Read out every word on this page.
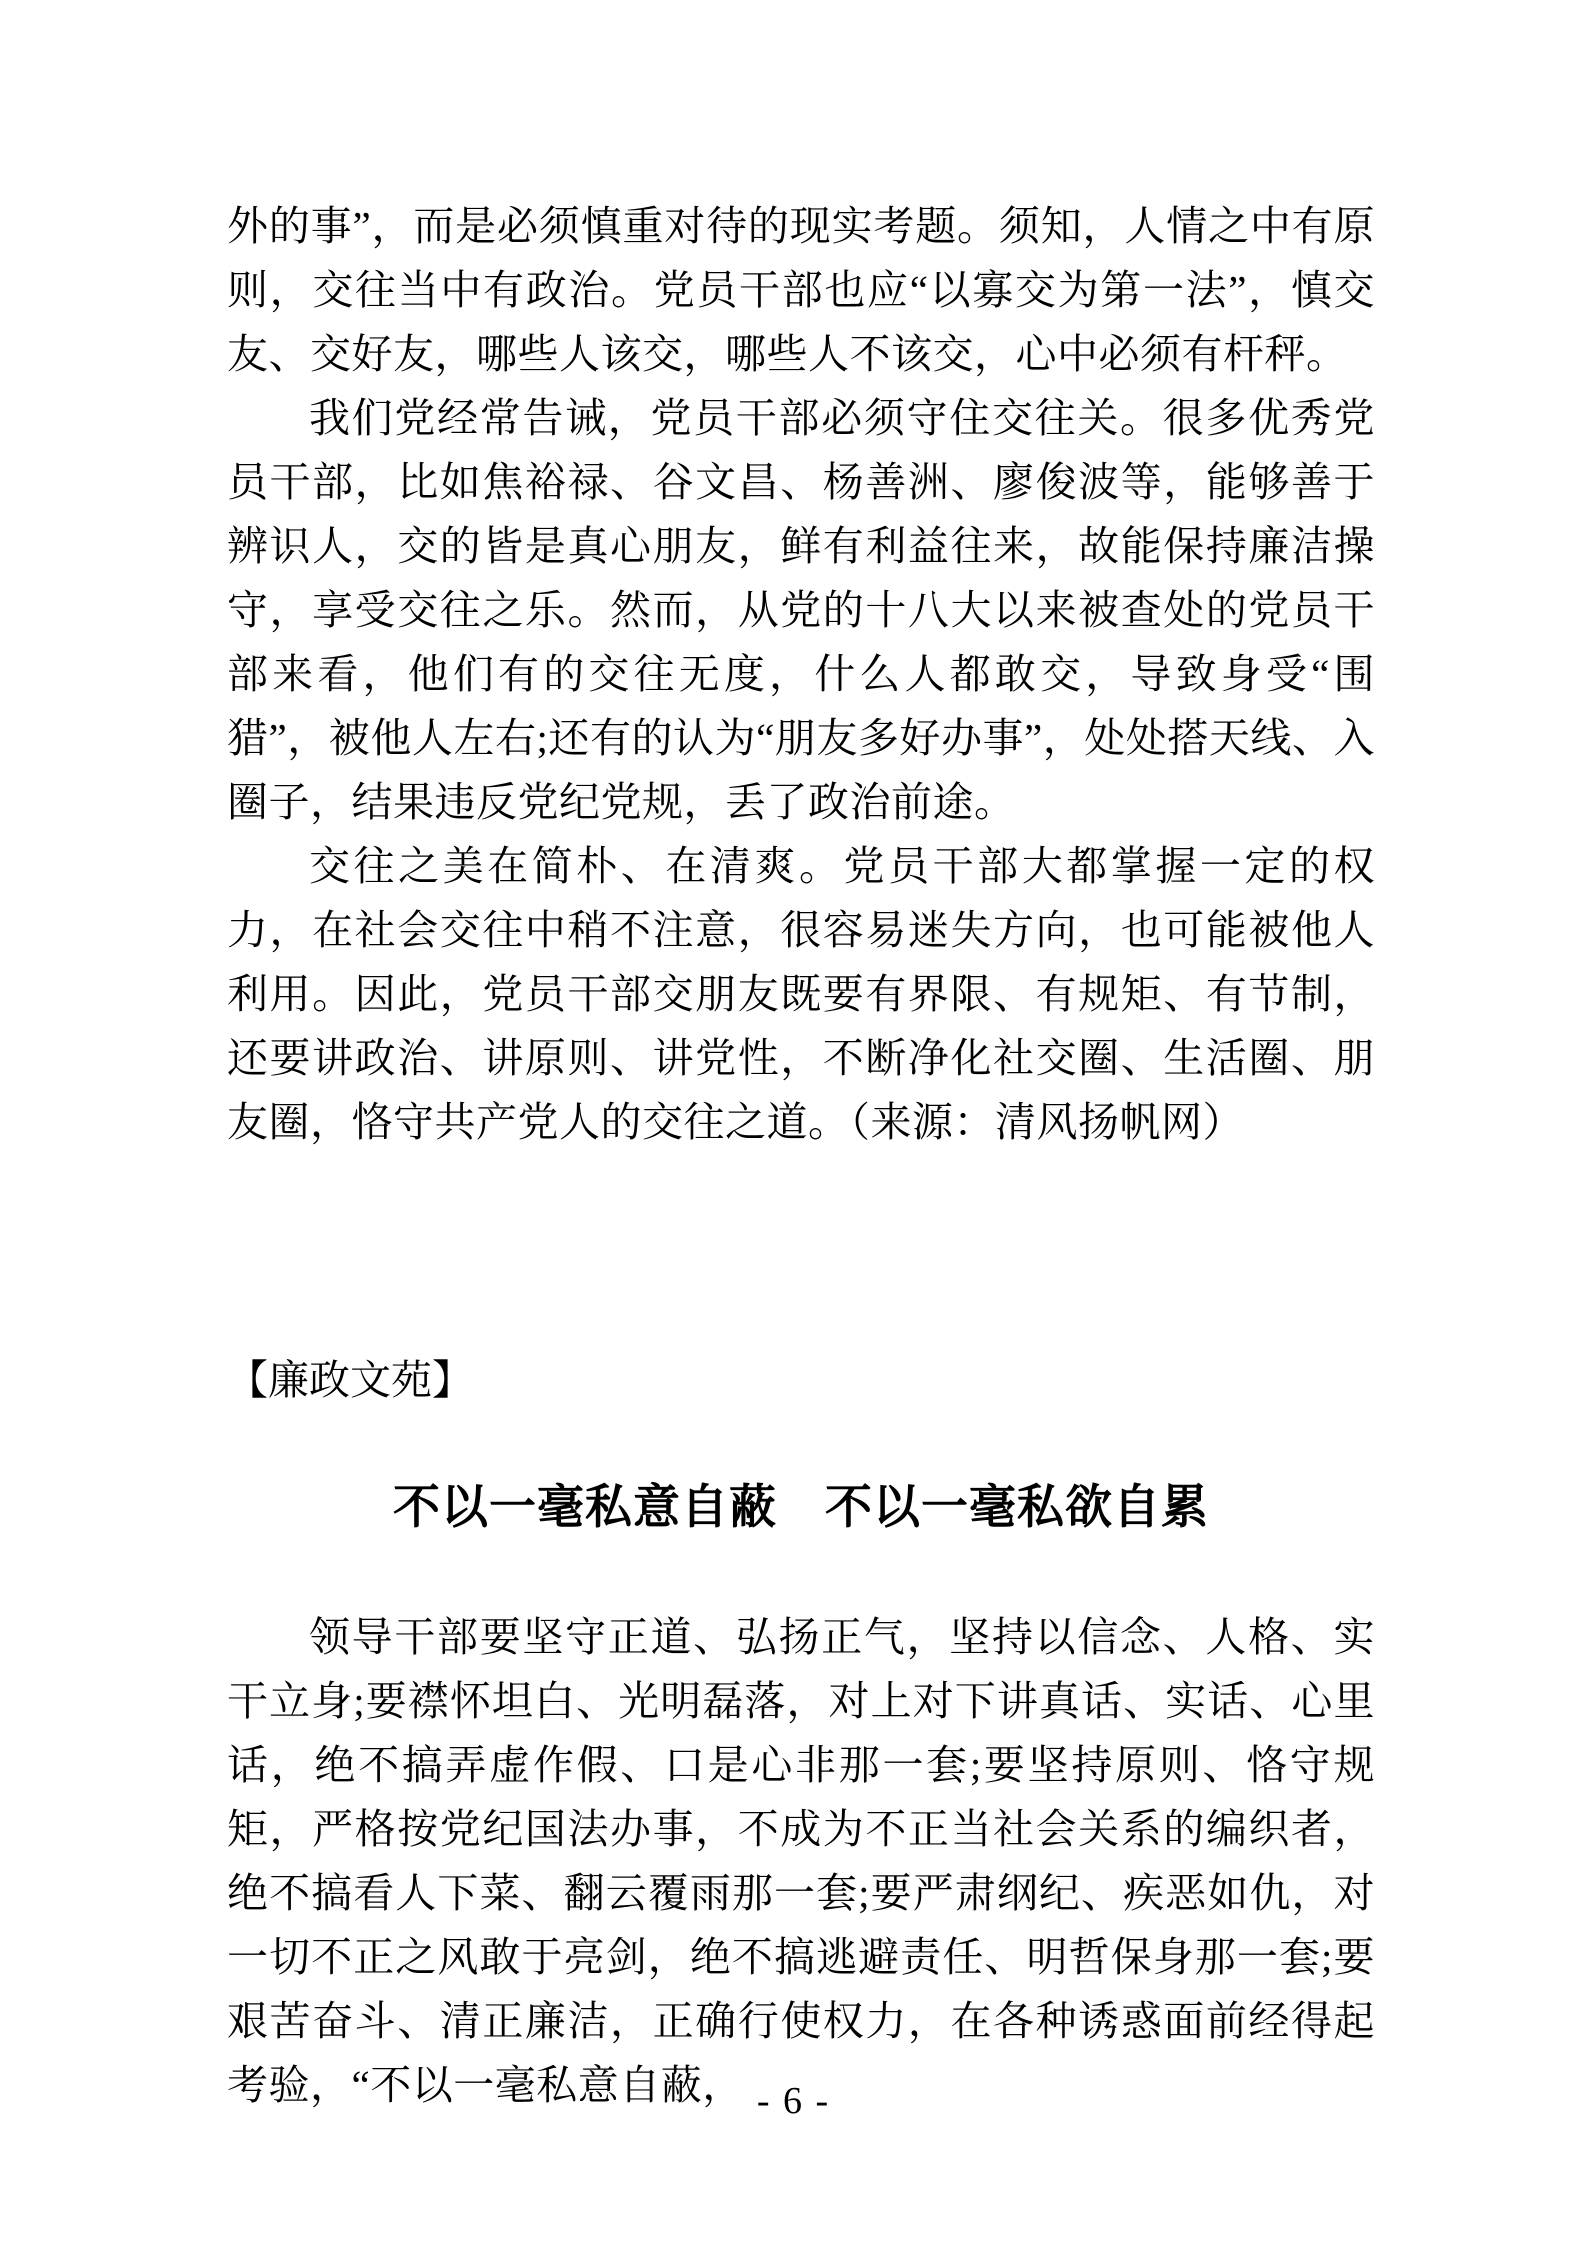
外的事”，而是必须慎重对待的现实考题。须知，人情之中有原则，交往当中有政治。党员干部也应“以寡交为第一法”，慎交友、交好友，哪些人该交，哪些人不该交，心中必须有杆秤。

我们党经常告诫，党员干部必须守住交往关。很多优秀党员干部，比如焦裕禄、谷文昌、杨善洲、廖俊波等，能够善于辨识人，交的皆是真心朋友，鲜有利益往来，故能保持廉洁操守，享受交往之乐。然而，从党的十八大以来被查处的党员干部来看，他们有的交往无度，什么人都敢交，导致身受“围猎”，被他人左右;还有的认为“朋友多好办事”，处处搭天线、入圈子，结果违反党纪党规，丢了政治前途。

交往之美在简朴、在清爽。党员干部大都掌握一定的权力，在社会交往中稍不注意，很容易迷失方向，也可能被他人利用。因此，党员干部交朋友既要有界限、有规矩、有节制，还要讲政治、讲原则、讲党性，不断净化社交圈、生活圈、朋友圈，恪守共产党人的交往之道。（来源：清风扬帆网）

【廉政文苑】
不以一毫私意自蔽　不以一毫私欲自累

领导干部要坚守正道、弘扬正气，坚持以信念、人格、实干立身;要襟怀坦白、光明磊落，对上对下讲真话、实话、心里话，绝不搞弄虚作假、口是心非那一套;要坚持原则、恪守规矩，严格按党纪国法办事，不成为不正当社会关系的编织者，绝不搞看人下菜、翻云覆雨那一套;要严肃纲纪、疾恶如仇，对一切不正之风敢于亮剑，绝不搞逃避责任、明哲保身那一套;要艰苦奋斗、清正廉洁，正确行使权力，在各种诱惑面前经得起考验，“不以一毫私意自蔽， - 6 -
